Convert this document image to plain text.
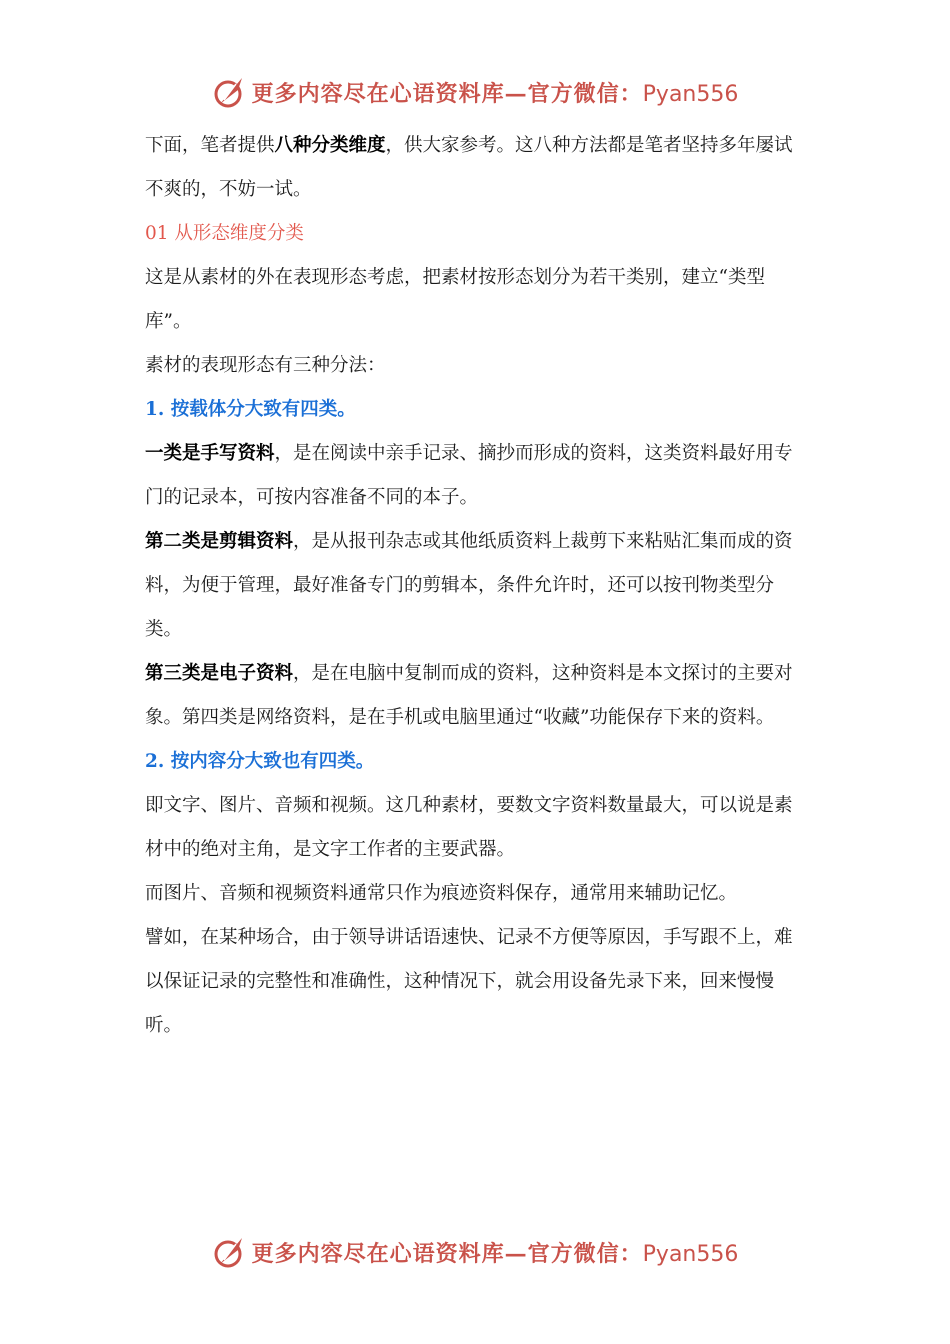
更多内容尽在心语资料库—官方微信：Pyan556

下面，笔者提供八种分类维度，供大家参考。这八种方法都是笔者坚持多年屡试不爽的，不妨一试。

01 从形态维度分类

这是从素材的外在表现形态考虑，把素材按形态划分为若干类别，建立“类型库”。

素材的表现形态有三种分法：

1. 按载体分大致有四类。

一类是手写资料，是在阅读中亲手记录、摘抄而形成的资料，这类资料最好用专门的记录本，可按内容准备不同的本子。

第二类是剪辑资料，是从报刊杂志或其他纸质资料上裁剪下来粘贴汇集而成的资料，为便于管理，最好准备专门的剪辑本，条件允许时，还可以按刊物类型分类。

第三类是电子资料，是在电脑中复制而成的资料，这种资料是本文探讨的主要对象。第四类是网络资料，是在手机或电脑里通过“收藏”功能保存下来的资料。

2. 按内容分大致也有四类。

即文字、图片、音频和视频。这几种素材，要数文字资料数量最大，可以说是素材中的绝对主角，是文字工作者的主要武器。

而图片、音频和视频资料通常只作为痕迹资料保存，通常用来辅助记忆。

譬如，在某种场合，由于领导讲话语速快、记录不方便等原因，手写跟不上，难以保证记录的完整性和准确性，这种情况下，就会用设备先录下来，回来慢慢听。

更多内容尽在心语资料库—官方微信：Pyan556
